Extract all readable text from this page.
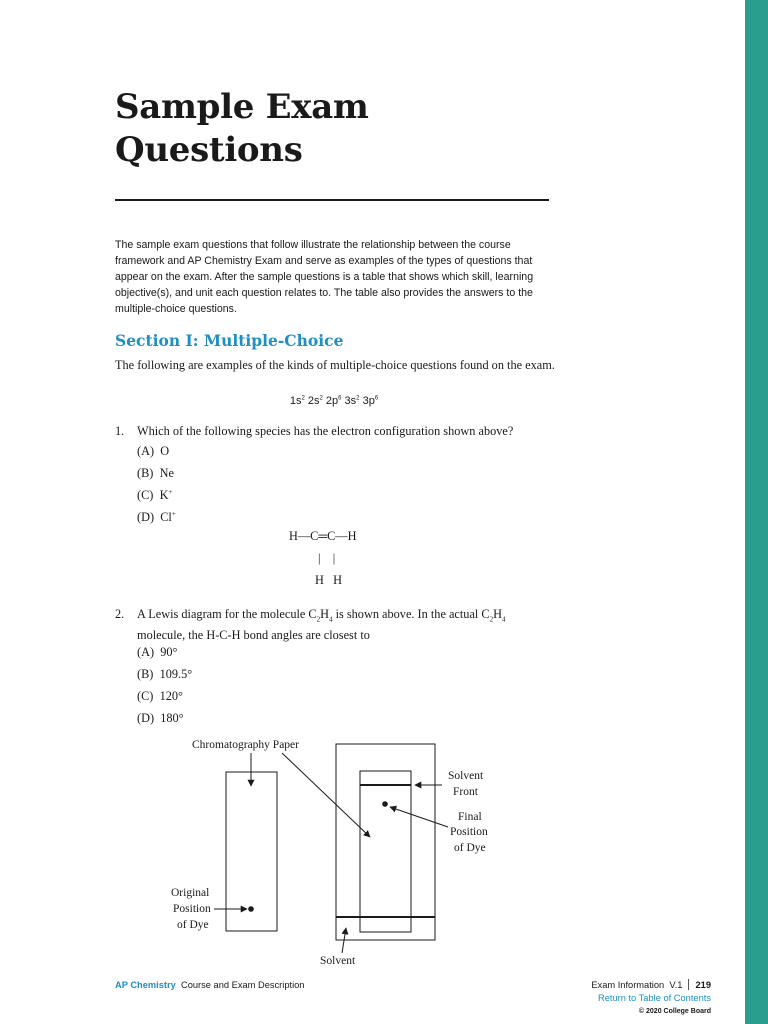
Sample Exam
Questions

The sample exam questions that follow illustrate the relationship between the course framework and AP Chemistry Exam and serve as examples of the types of questions that appear on the exam. After the sample questions is a table that shows which skill, learning objective(s), and unit each question relates to. The table also provides the answers to the multiple-choice questions.

Section I: Multiple-Choice
The following are examples of the kinds of multiple-choice questions found on the exam.
$1s^2$ $2s^2$ $2p^6$ $3s^2$ $3p^6$
1. Which of the following species has the electron configuration shown above?
(A) O
(B) Ne
(C) K+
(D) Cl+
H—C═C—H
|    |
H   H
2. A Lewis diagram for the molecule $C_2H_4$ is shown above. In the actual $C_2H_4$
molecule, the H-C-H bond angles are closest to
(A) 90°
(B) 109.5°
(C) 120°
(D) 180°
Chromatography Paper
Solvent
Front
Final
Position
of Dye
Original
Position
of Dye
Solvent
AP Chemistry Course and Exam Description	Exam Information V.1 219
Return to Table of Contents
© 2020 College Board
